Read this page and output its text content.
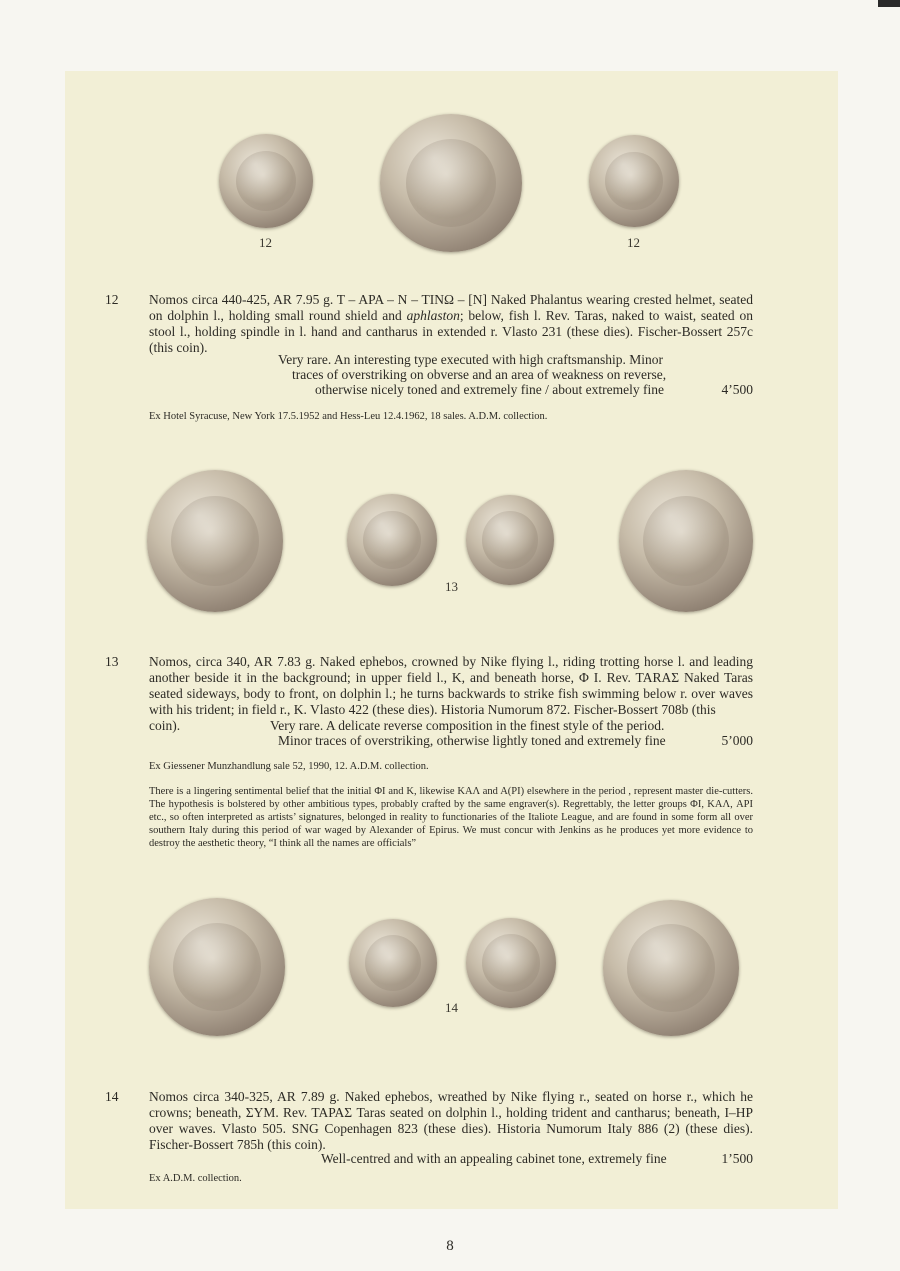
12	12
13
14
12 Nomos circa 440-425, AR 7.95 g. T – APA – N – TINΩ – [N] Naked Phalantus wearing crested helmet, seated on dolphin l., holding small round shield and aphlaston; below, fish l. Rev. Taras, naked to waist, seated on stool l., holding spindle in l. hand and cantharus in extended r. Vlasto 231 (these dies). Fischer-Bossert 257c (this coin).

Very rare. An interesting type executed with high craftsmanship. Minor
traces of overstriking on obverse and an area of weakness on reverse,
otherwise nicely toned and extremely fine / about extremely fine	4’500
Ex Hotel Syracuse, New York 17.5.1952 and Hess-Leu 12.4.1962, 18 sales. A.D.M. collection.
13 Nomos, circa 340, AR 7.83 g. Naked ephebos, crowned by Nike flying l., riding trotting horse l. and leading another beside it in the background; in upper field l., K, and beneath horse, Φ I. Rev. TARAΣ Naked Taras seated sideways, body to front, on dolphin l.; he turns backwards to strike fish swimming below r. over waves with his trident; in field r., K. Vlasto 422 (these dies). Historia Numorum 872. Fischer-Bossert 708b (this

coin).	Very rare. A delicate reverse composition in the finest style of the period.
Minor traces of overstriking, otherwise lightly toned and extremely fine	5’000
Ex Giessener Munzhandlung sale 52, 1990, 12. A.D.M. collection.

There is a lingering sentimental belief that the initial ΦI and K, likewise KAΛ and A(PI) elsewhere in the period , represent master die-cutters. The hypothesis is bolstered by other ambitious types, probably crafted by the same engraver(s). Regrettably, the letter groups ΦI, KAΛ, API etc., so often interpreted as artists’ signatures, belonged in reality to functionaries of the Italiote League, and are found in some form all over southern Italy during this period of war waged by Alexander of Epirus. We must concur with Jenkins as he produces yet more evidence to destroy the aesthetic theory, “I think all the names are officials”

14 Nomos circa 340-325, AR 7.89 g. Naked ephebos, wreathed by Nike flying r., seated on horse r., which he crowns; beneath, ΣYM. Rev. TAPAΣ Taras seated on dolphin l., holding trident and cantharus; beneath, I–HP over waves. Vlasto 505. SNG Copenhagen 823 (these dies). Historia Numorum Italy 886 (2) (these dies). Fischer-Bossert 785h (this coin).

Well-centred and with an appealing cabinet tone, extremely fine	1’500
Ex A.D.M. collection.
8
